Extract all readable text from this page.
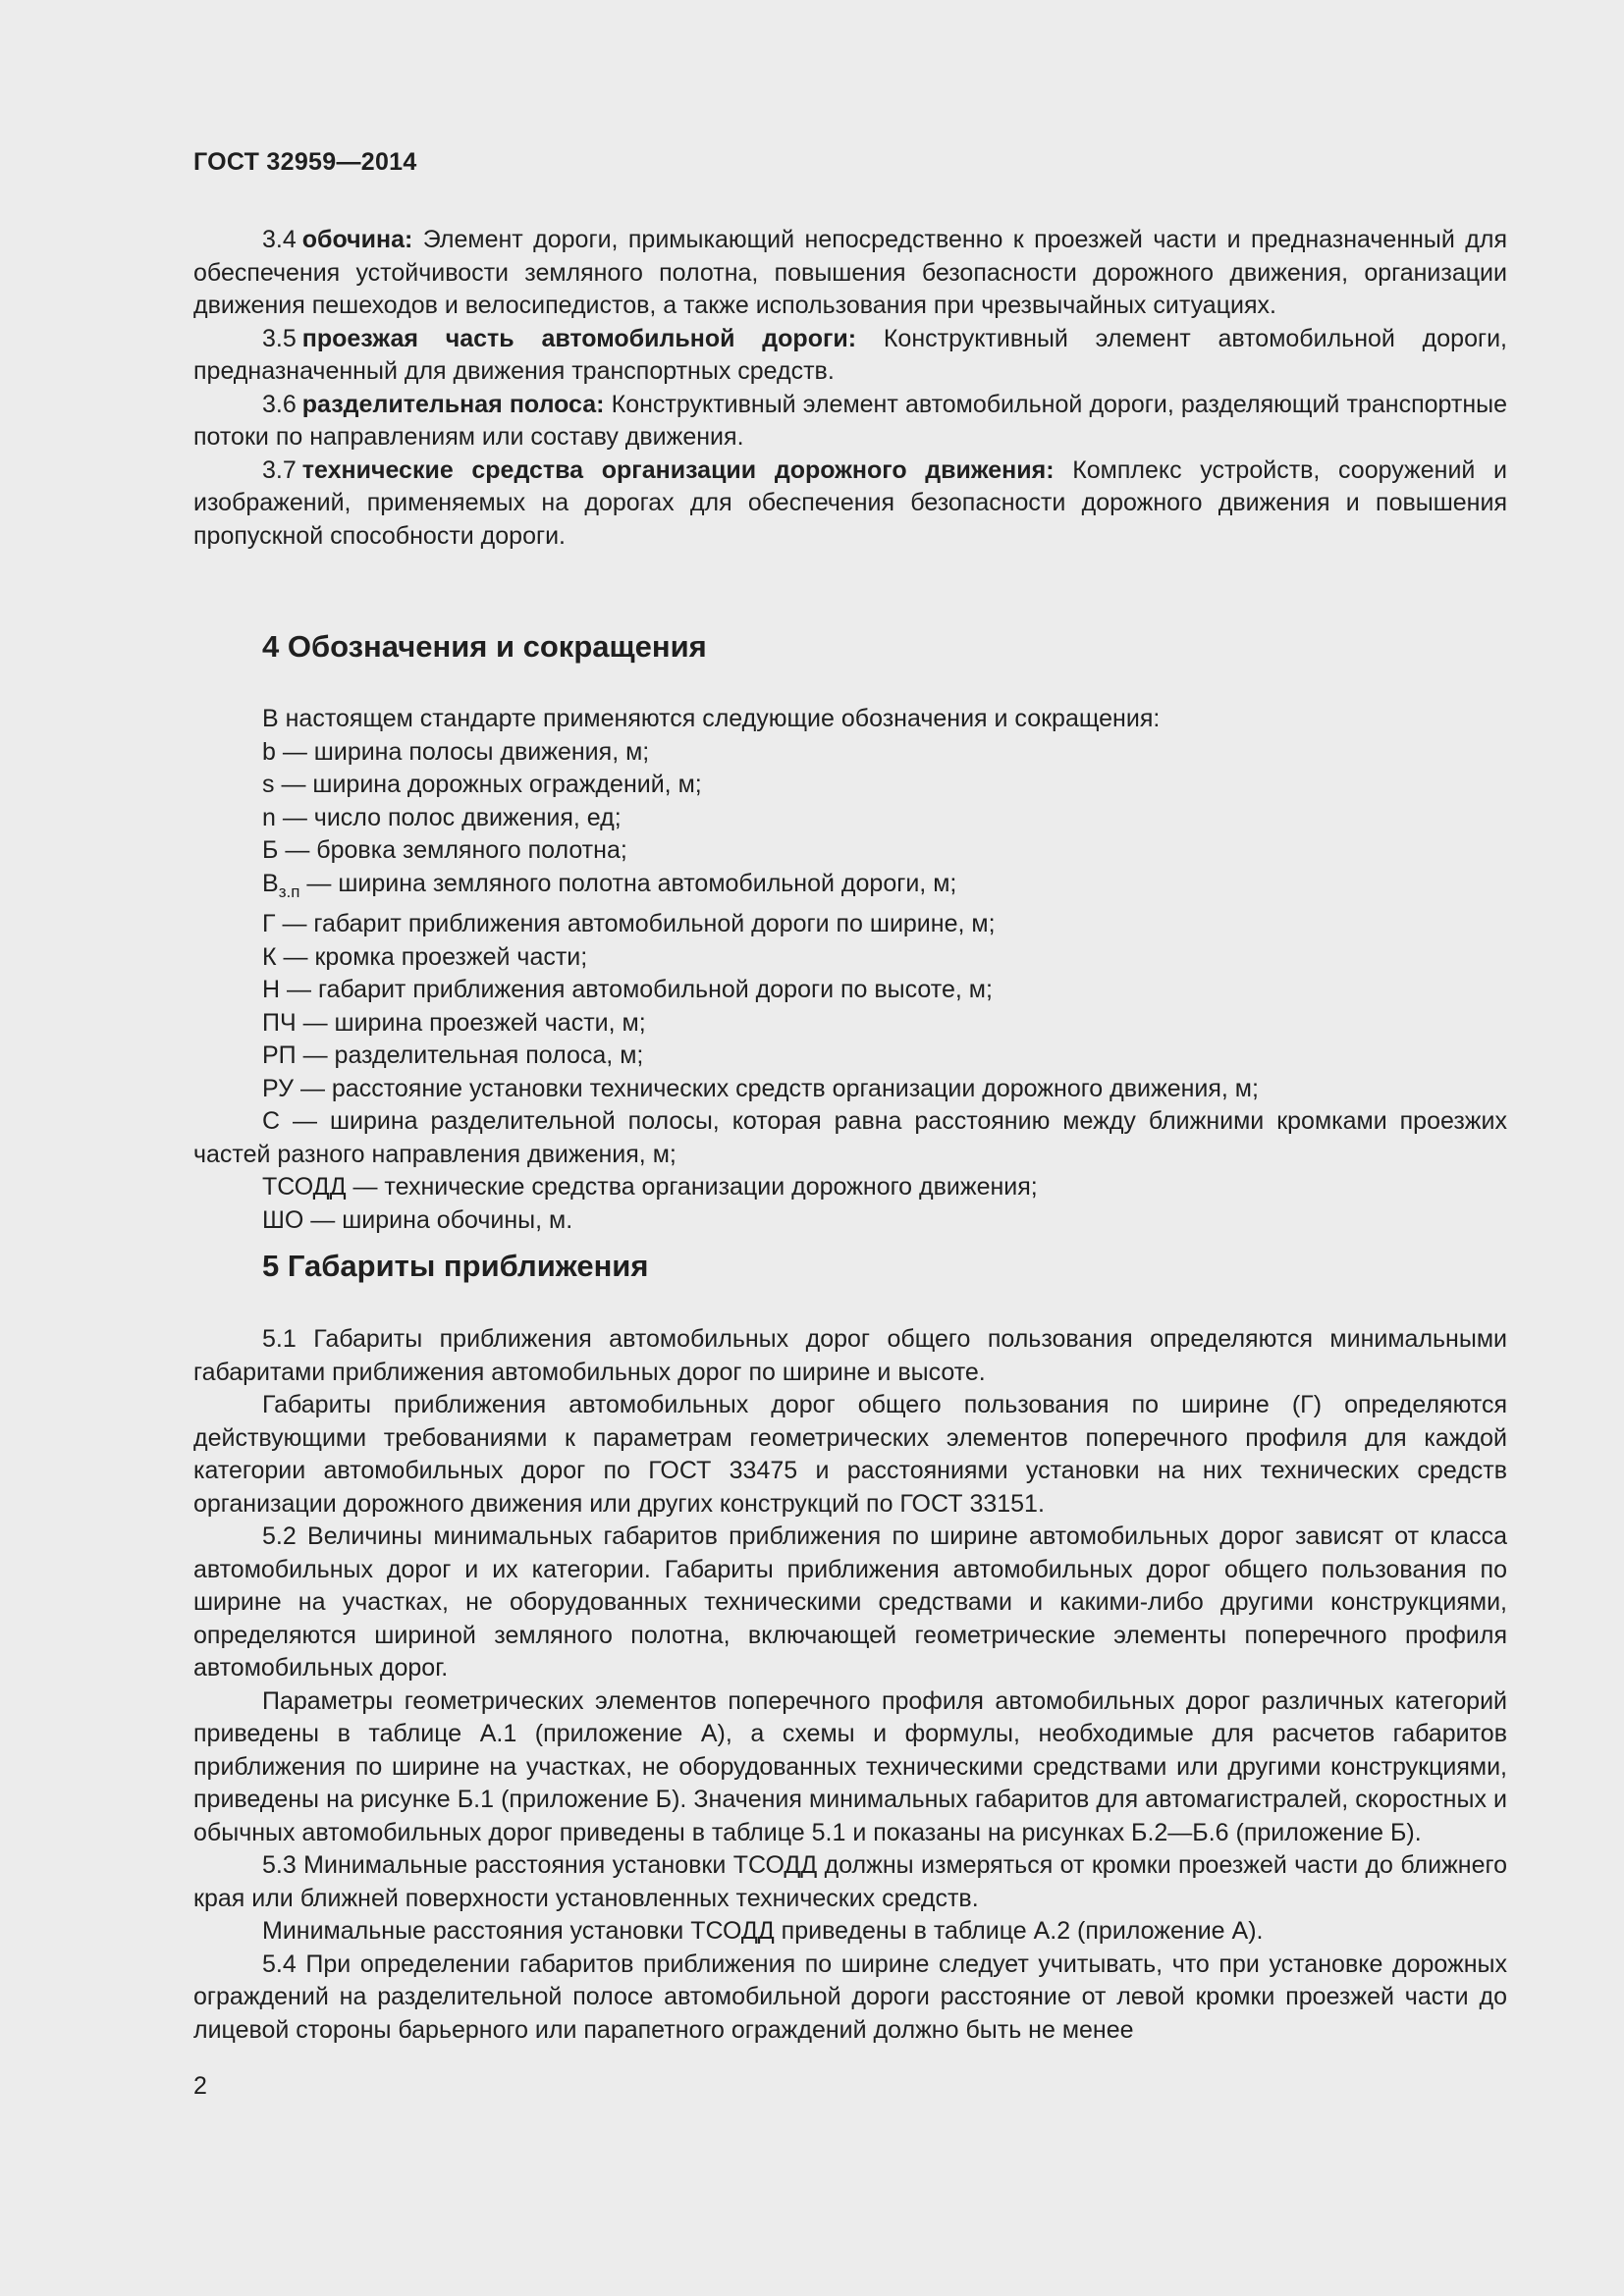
ГОСТ 32959—2014

3.4 обочина: Элемент дороги, примыкающий непосредственно к проезжей части и предназначенный для обеспечения устойчивости земляного полотна, повышения безопасности дорожного движения, организации движения пешеходов и велосипедистов, а также использования при чрезвычайных ситуациях.

3.5 проезжая часть автомобильной дороги: Конструктивный элемент автомобильной дороги, предназначенный для движения транспортных средств.

3.6 разделительная полоса: Конструктивный элемент автомобильной дороги, разделяющий транспортные потоки по направлениям или составу движения.

3.7 технические средства организации дорожного движения: Комплекс устройств, сооружений и изображений, применяемых на дорогах для обеспечения безопасности дорожного движения и повышения пропускной способности дороги.

4 Обозначения и сокращения

В настоящем стандарте применяются следующие обозначения и сокращения:

b — ширина полосы движения, м;

s — ширина дорожных ограждений, м;

n — число полос движения, ед;

Б — бровка земляного полотна;

$B_{з.п}$ — ширина земляного полотна автомобильной дороги, м;

Г — габарит приближения автомобильной дороги по ширине, м;

К — кромка проезжей части;

Н — габарит приближения автомобильной дороги по высоте, м;

ПЧ — ширина проезжей части, м;

РП — разделительная полоса, м;

РУ — расстояние установки технических средств организации дорожного движения, м;

С — ширина разделительной полосы, которая равна расстоянию между ближними кромками проезжих частей разного направления движения, м;

ТСОДД — технические средства организации дорожного движения;

ШО — ширина обочины, м.

5 Габариты приближения

5.1 Габариты приближения автомобильных дорог общего пользования определяются минимальными габаритами приближения автомобильных дорог по ширине и высоте.

Габариты приближения автомобильных дорог общего пользования по ширине (Г) определяются действующими требованиями к параметрам геометрических элементов поперечного профиля для каждой категории автомобильных дорог по ГОСТ 33475 и расстояниями установки на них технических средств организации дорожного движения или других конструкций по ГОСТ 33151.

5.2 Величины минимальных габаритов приближения по ширине автомобильных дорог зависят от класса автомобильных дорог и их категории. Габариты приближения автомобильных дорог общего пользования по ширине на участках, не оборудованных техническими средствами и какими-либо другими конструкциями, определяются шириной земляного полотна, включающей геометрические элементы поперечного профиля автомобильных дорог.

Параметры геометрических элементов поперечного профиля автомобильных дорог различных категорий приведены в таблице А.1 (приложение А), а схемы и формулы, необходимые для расчетов габаритов приближения по ширине на участках, не оборудованных техническими средствами или другими конструкциями, приведены на рисунке Б.1 (приложение Б). Значения минимальных габаритов для автомагистралей, скоростных и обычных автомобильных дорог приведены в таблице 5.1 и показаны на рисунках Б.2—Б.6 (приложение Б).

5.3 Минимальные расстояния установки ТСОДД должны измеряться от кромки проезжей части до ближнего края или ближней поверхности установленных технических средств.

Минимальные расстояния установки ТСОДД приведены в таблице А.2 (приложение А).

5.4 При определении габаритов приближения по ширине следует учитывать, что при установке дорожных ограждений на разделительной полосе автомобильной дороги расстояние от левой кромки проезжей части до лицевой стороны барьерного или парапетного ограждений должно быть не менее

2
